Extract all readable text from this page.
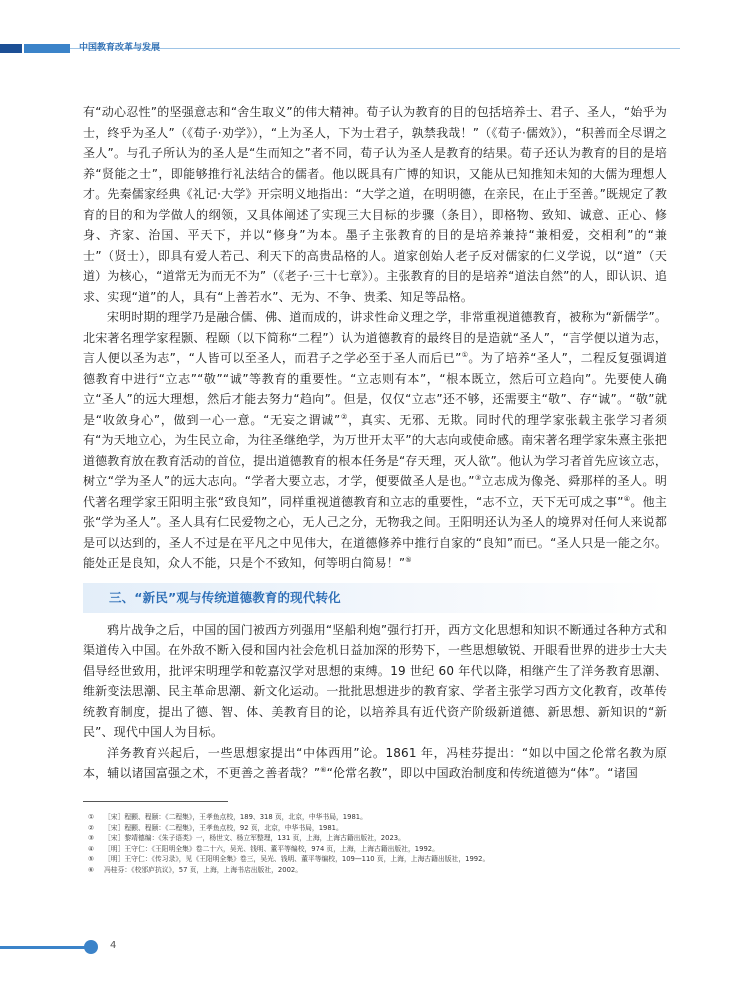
中国教育改革与发展

有“动心忍性”的坚强意志和“舍生取义”的伟大精神。荀子认为教育的目的包括培养士、君子、圣人，“始乎为士，终乎为圣人”（《荀子·劝学》），“上为圣人，下为士君子，孰禁我哉！”（《荀子·儒效》），“积善而全尽谓之圣人”。与孔子所认为的圣人是“生而知之”者不同，荀子认为圣人是教育的结果。荀子还认为教育的目的是培养“贤能之士”，即能够推行礼法结合的儒者。他以既具有广博的知识，又能从已知推知未知的大儒为理想人才。先秦儒家经典《礼记·大学》开宗明义地指出：“大学之道，在明明德，在亲民，在止于至善。”既规定了教育的目的和为学做人的纲领，又具体阐述了实现三大目标的步骤（条目），即格物、致知、诚意、正心、修身、齐家、治国、平天下，并以“修身”为本。墨子主张教育的目的是培养兼持“兼相爱，交相利”的“兼士”（贤士），即具有爱人若己、利天下的高贵品格的人。道家创始人老子反对儒家的仁义学说，以“道”（天道）为核心，“道常无为而无不为”（《老子·三十七章》）。主张教育的目的是培养“道法自然”的人，即认识、追求、实现“道”的人，具有“上善若水”、无为、不争、贵柔、知足等品格。

宋明时期的理学乃是融合儒、佛、道而成的，讲求性命义理之学，非常重视道德教育，被称为“新儒学”。北宋著名理学家程颢、程颐（以下简称“二程”）认为道德教育的最终目的是造就“圣人”，“言学便以道为志，言人便以圣为志”，“人皆可以至圣人，而君子之学必至于圣人而后已”①。为了培养“圣人”，二程反复强调道德教育中进行“立志”“敬”“诚”等教育的重要性。“立志则有本”，“根本既立，然后可立趋向”。先要使人确立“圣人”的远大理想，然后才能去努力“趋向”。但是，仅仅“立志”还不够，还需要主“敬”、存“诚”。“敬”就是“收敛身心”，做到一心一意。“无妄之谓诚”②，真实、无邪、无欺。同时代的理学家张载主张学习者须有“为天地立心，为生民立命，为往圣继绝学，为万世开太平”的大志向或使命感。南宋著名理学家朱熹主张把道德教育放在教育活动的首位，提出道德教育的根本任务是“存天理，灭人欲”。他认为学习者首先应该立志，树立“学为圣人”的远大志向。“学者大要立志，才学，便要做圣人是也。”③立志成为像尧、舜那样的圣人。明代著名理学家王阳明主张“致良知”，同样重视道德教育和立志的重要性，“志不立，天下无可成之事”④。他主张“学为圣人”。圣人具有仁民爱物之心，无人己之分，无物我之间。王阳明还认为圣人的境界对任何人来说都是可以达到的，圣人不过是在平凡之中见伟大，在道德修养中推行自家的“良知”而已。“圣人只是一能之尔。能处正是良知，众人不能，只是个不致知，何等明白简易！”⑤

三、“新民”观与传统道德教育的现代转化

鸦片战争之后，中国的国门被西方列强用“坚船利炮”强行打开，西方文化思想和知识不断通过各种方式和渠道传入中国。在外敌不断入侵和国内社会危机日益加深的形势下，一些思想敏锐、开眼看世界的进步士大夫倡导经世致用，批评宋明理学和乾嘉汉学对思想的束缚。19 世纪 60 年代以降，相继产生了洋务教育思潮、维新变法思潮、民主革命思潮、新文化运动。一批批思想进步的教育家、学者主张学习西方文化教育，改革传统教育制度，提出了德、智、体、美教育目的论，以培养具有近代资产阶级新道德、新思想、新知识的“新民”、现代中国人为目标。

洋务教育兴起后，一些思想家提出“中体西用”论。1861 年，冯桂芬提出：“如以中国之伦常名教为原本，辅以诸国富强之术，不更善之善者哉？”⑥“伦常名教”，即以中国政治制度和传统道德为“体”。“诸国

①	［宋］程颢、程颐：《二程集》，王孝鱼点校，189、318 页，北京，中华书局，1981。
②	［宋］程颢、程颐：《二程集》，王孝鱼点校，92 页，北京，中华书局，1981。
③	［宋］黎靖德编：《朱子语类》一，杨世文、杨立军整理，131 页，上海，上海古籍出版社，2023。
④	［明］王守仁：《王阳明全集》卷二十六，吴光、钱明、董平等编校，974 页，上海，上海古籍出版社，1992。
⑤	［明］王守仁：《传习录》，见《王阳明全集》卷三，吴光、钱明、董平等编校，109—110 页，上海，上海古籍出版社，1992。
⑥	冯桂芬：《校邠庐抗议》，57 页，上海，上海书店出版社，2002。
4
